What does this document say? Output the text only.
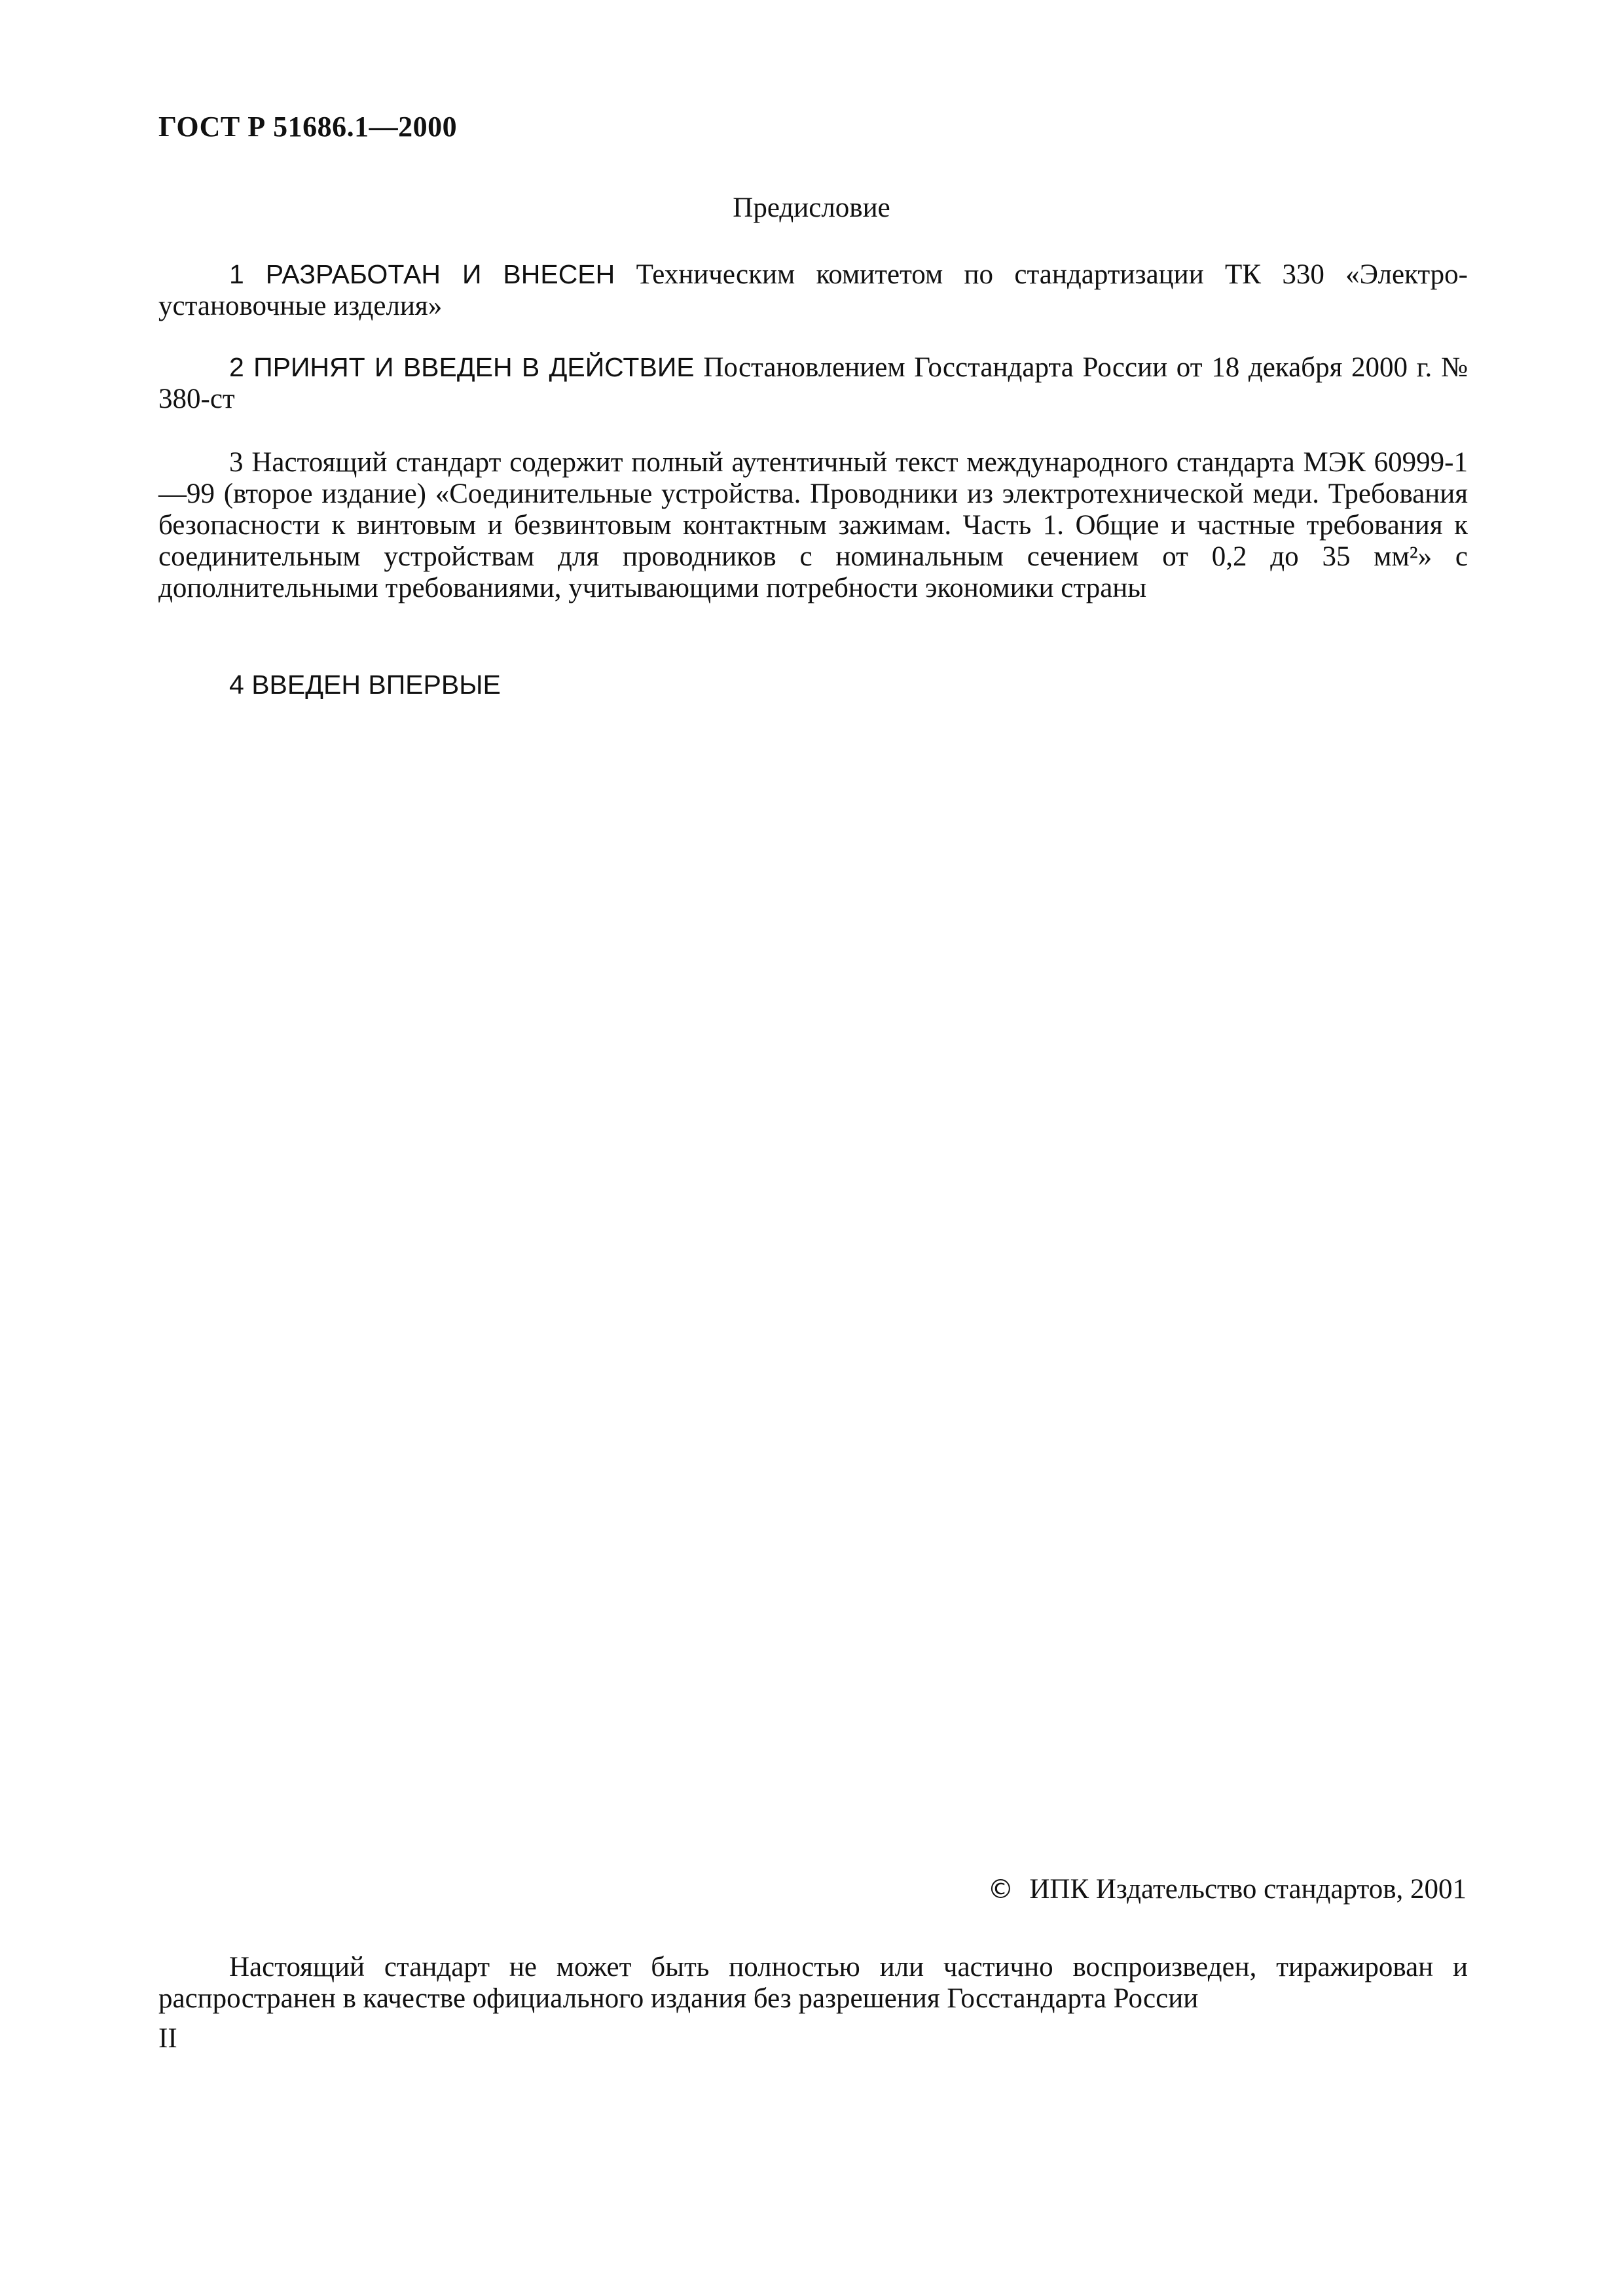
ГОСТ Р 51686.1—2000
Предисловие

1 РАЗРАБОТАН И ВНЕСЕН Техническим комитетом по стандартизации ТК 330 «Электро-установочные изделия»

2 ПРИНЯТ И ВВЕДЕН В ДЕЙСТВИЕ Постановлением Госстандарта России от 18 декабря 2000 г. № 380-ст

3 Настоящий стандарт содержит полный аутентичный текст международного стандарта МЭК 60999-1—99 (второе издание) «Соединительные устройства. Проводники из электротехнической меди. Требования безопасности к винтовым и безвинтовым контактным зажимам. Часть 1. Общие и частные требования к соединительным устройствам для проводников с номинальным сечением от 0,2 до 35 мм²» с дополнительными требованиями, учитывающими потребности экономики страны

4 ВВЕДЕН ВПЕРВЫЕ

© ИПК Издательство стандартов, 2001

Настоящий стандарт не может быть полностью или частично воспроизведен, тиражирован и распространен в качестве официального издания без разрешения Госстандарта России

II
